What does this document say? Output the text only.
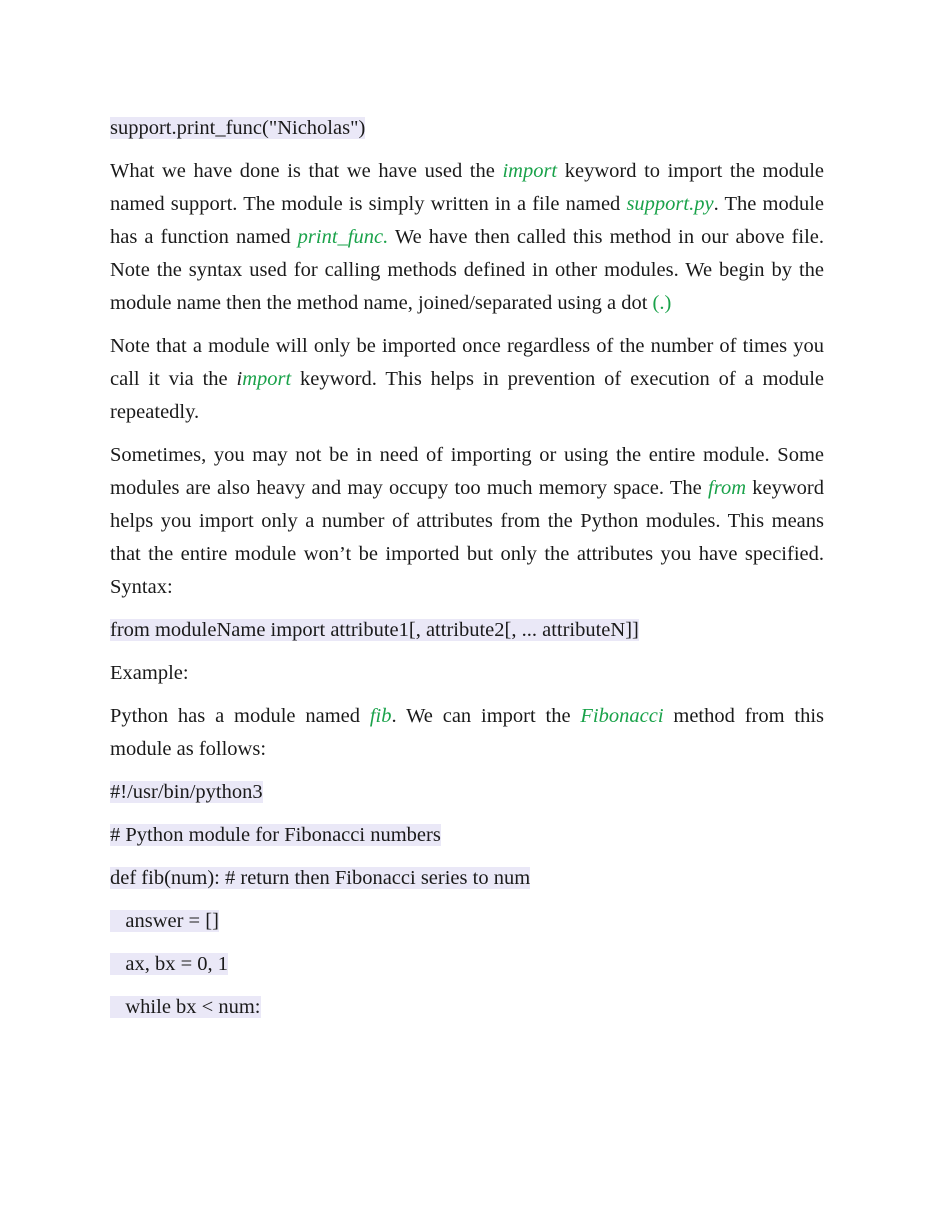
support.print_func("Nicholas")

What we have done is that we have used the import keyword to import the module named support. The module is simply written in a file named support.py. The module has a function named print_func. We have then called this method in our above file. Note the syntax used for calling methods defined in other modules. We begin by the module name then the method name, joined/separated using a dot (.)

Note that a module will only be imported once regardless of the number of times you call it via the import keyword. This helps in prevention of execution of a module repeatedly.

Sometimes, you may not be in need of importing or using the entire module. Some modules are also heavy and may occupy too much memory space. The from keyword helps you import only a number of attributes from the Python modules. This means that the entire module won’t be imported but only the attributes you have specified. Syntax:

from moduleName import attribute1[, attribute2[, ... attributeN]]

Example:

Python has a module named fib. We can import the Fibonacci method from this module as follows:

#!/usr/bin/python3

# Python module for Fibonacci numbers

def fib(num): # return then Fibonacci series to num

answer = []

ax, bx = 0, 1

while bx < num:
